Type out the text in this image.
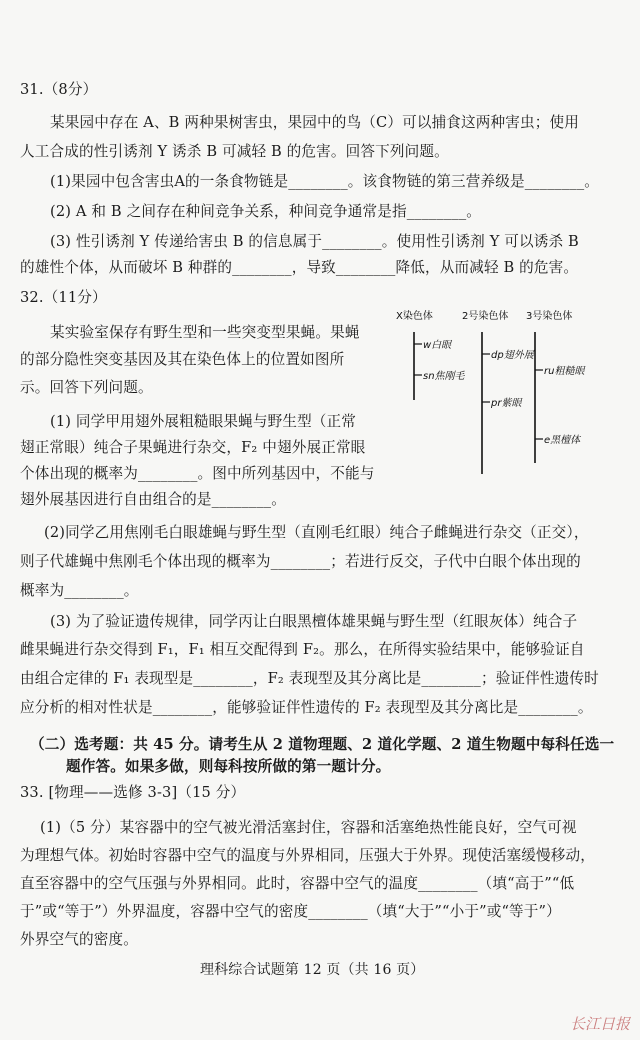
31.（8分）
某果园中存在 A、B 两种果树害虫，果园中的鸟（C）可以捕食这两种害虫；使用
人工合成的性引诱剂 Y 诱杀 B 可减轻 B 的危害。回答下列问题。
(1)果园中包含害虫A的一条食物链是________。该食物链的第三营养级是________。
(2) A 和 B 之间存在种间竞争关系，种间竞争通常是指________。
(3) 性引诱剂 Y 传递给害虫 B 的信息属于________。使用性引诱剂 Y 可以诱杀 B
的雄性个体，从而破坏 B 种群的________，导致________降低，从而减轻 B 的危害。
32.（11分）
某实验室保存有野生型和一些突变型果蝇。果蝇
的部分隐性突变基因及其在染色体上的位置如图所
示。回答下列问题。
(1) 同学甲用翅外展粗糙眼果蝇与野生型（正常
翅正常眼）纯合子果蝇进行杂交，F₂ 中翅外展正常眼
个体出现的概率为________。图中所列基因中，不能与
翅外展基因进行自由组合的是________。
(2)同学乙用焦刚毛白眼雄蝇与野生型（直刚毛红眼）纯合子雌蝇进行杂交（正交），
则子代雄蝇中焦刚毛个体出现的概率为________；若进行反交，子代中白眼个体出现的
概率为________。
(3) 为了验证遗传规律，同学丙让白眼黑檀体雄果蝇与野生型（红眼灰体）纯合子
雌果蝇进行杂交得到 F₁，F₁ 相互交配得到 F₂。那么，在所得实验结果中，能够验证自
由组合定律的 F₁ 表现型是________，F₂ 表现型及其分离比是________；验证伴性遗传时
应分析的相对性状是________，能够验证伴性遗传的 F₂ 表现型及其分离比是________。
（二）选考题：共 45 分。请考生从 2 道物理题、2 道化学题、2 道生物题中每科任选一
题作答。如果多做，则每科按所做的第一题计分。
33. [物理——选修 3-3]（15 分）
(1)（5 分）某容器中的空气被光滑活塞封住，容器和活塞绝热性能良好，空气可视
为理想气体。初始时容器中空气的温度与外界相同，压强大于外界。现使活塞缓慢移动，
直至容器中的空气压强与外界相同。此时，容器中空气的温度________（填“高于”“低
于”或“等于”）外界温度，容器中空气的密度________（填“大于”“小于”或“等于”）
外界空气的密度。
理科综合试题第 12 页（共 16 页）
长江日报
X染色体	2号染色体 3号染色体
w白眼
sn焦刚毛
dp翅外展
pr紫眼
ru粗糙眼
e黑檀体
